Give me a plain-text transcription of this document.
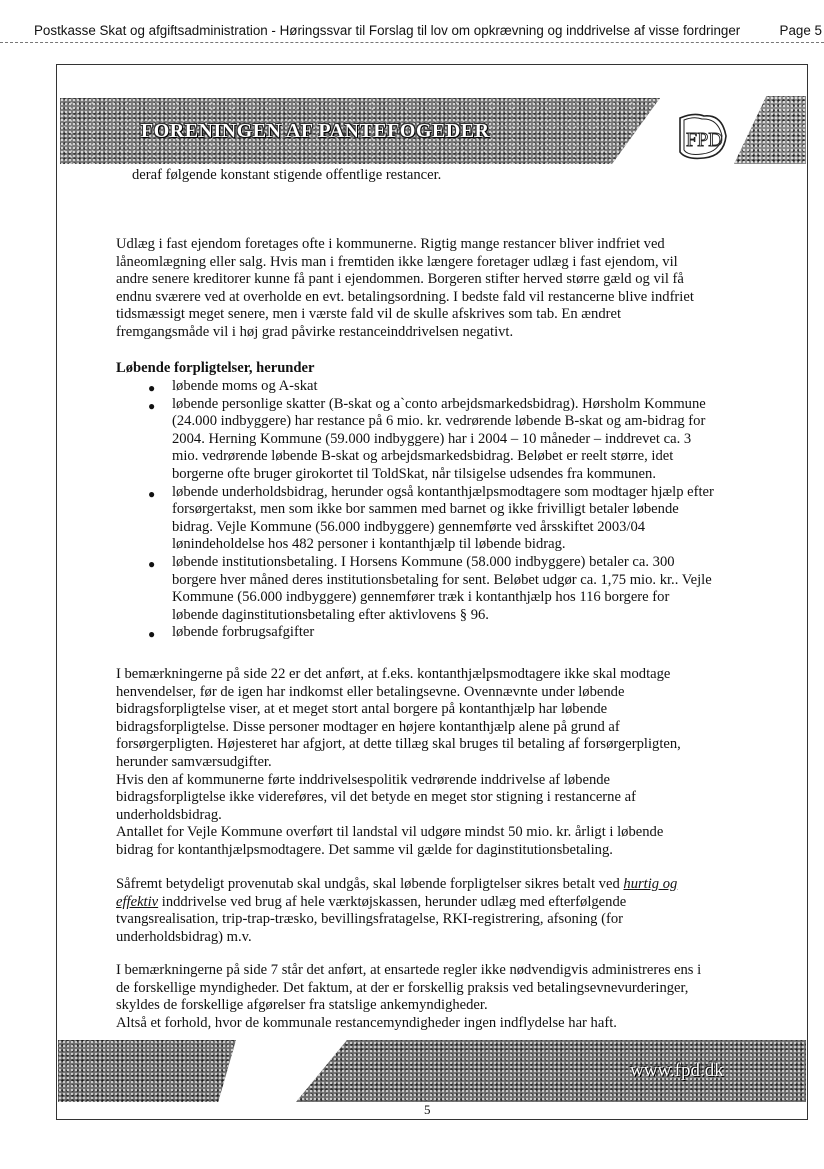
Postkasse Skat og afgiftsadministration - Høringssvar til Forslag til lov om opkrævning og inddrivelse af visse fordringer	Page 5
FORENINGEN AF PANTEFOGEDER	FPD
deraf følgende konstant stigende offentlige restancer.
Udlæg i fast ejendom foretages ofte i kommunerne. Rigtig mange restancer bliver indfriet ved
låneomlægning eller salg. Hvis man i fremtiden ikke længere foretager udlæg i fast ejendom, vil
andre senere kreditorer kunne få pant i ejendommen. Borgeren stifter herved større gæld og vil få
endnu sværere ved at overholde en evt. betalingsordning. I bedste fald vil restancerne blive indfriet
tidsmæssigt meget senere, men i værste fald vil de skulle afskrives som tab. En ændret
fremgangsmåde vil i høj grad påvirke restanceinddrivelsen negativt.
Løbende forpligtelser, herunder
● løbende moms og A-skat
● løbende personlige skatter (B-skat og a`conto arbejdsmarkedsbidrag). Hørsholm Kommune
(24.000 indbyggere) har restance på 6 mio. kr. vedrørende løbende B-skat og am-bidrag for
2004. Herning Kommune (59.000 indbyggere) har i 2004 – 10 måneder – inddrevet ca. 3
mio. vedrørende løbende B-skat og arbejdsmarkedsbidrag. Beløbet er reelt større, idet
borgerne ofte bruger girokortet til ToldSkat, når tilsigelse udsendes fra kommunen.
● løbende underholdsbidrag, herunder også kontanthjælpsmodtagere som modtager hjælp efter
forsørgertakst, men som ikke bor sammen med barnet og ikke frivilligt betaler løbende
bidrag. Vejle Kommune (56.000 indbyggere) gennemførte ved årsskiftet 2003/04
lønindeholdelse hos 482 personer i kontanthjælp til løbende bidrag.
● løbende institutionsbetaling. I Horsens Kommune (58.000 indbyggere) betaler ca. 300
borgere hver måned deres institutionsbetaling for sent. Beløbet udgør ca. 1,75 mio. kr.. Vejle
Kommune (56.000 indbyggere) gennemfører træk i kontanthjælp hos 116 borgere for
løbende daginstitutionsbetaling efter aktivlovens § 96.
● løbende forbrugsafgifter
I bemærkningerne på side 22 er det anført, at f.eks. kontanthjælpsmodtagere ikke skal modtage
henvendelser, før de igen har indkomst eller betalingsevne. Ovennævnte under løbende
bidragsforpligtelse viser, at et meget stort antal borgere på kontanthjælp har løbende
bidragsforpligtelse. Disse personer modtager en højere kontanthjælp alene på grund af
forsørgerpligten. Højesteret har afgjort, at dette tillæg skal bruges til betaling af forsørgerpligten,
herunder samværsudgifter.
Hvis den af kommunerne førte inddrivelsespolitik vedrørende inddrivelse af løbende
bidragsforpligtelse ikke videreføres, vil det betyde en meget stor stigning i restancerne af
underholdsbidrag.
Antallet for Vejle Kommune overført til landstal vil udgøre mindst 50 mio. kr. årligt i løbende
bidrag for kontanthjælpsmodtagere. Det samme vil gælde for daginstitutionsbetaling.
Såfremt betydeligt provenutab skal undgås, skal løbende forpligtelser sikres betalt ved hurtig og
effektiv inddrivelse ved brug af hele værktøjskassen, herunder udlæg med efterfølgende
tvangsrealisation, trip-trap-træsko, bevillingsfratagelse, RKI-registrering, afsoning (for
underholdsbidrag) m.v.
I bemærkningerne på side 7 står det anført, at ensartede regler ikke nødvendigvis administreres ens i
de forskellige myndigheder. Det faktum, at der er forskellig praksis ved betalingsevnevurderinger,
skyldes de forskellige afgørelser fra statslige ankemyndigheder.
Altså et forhold, hvor de kommunale restancemyndigheder ingen indflydelse har haft.
www.fpd.dk
5
